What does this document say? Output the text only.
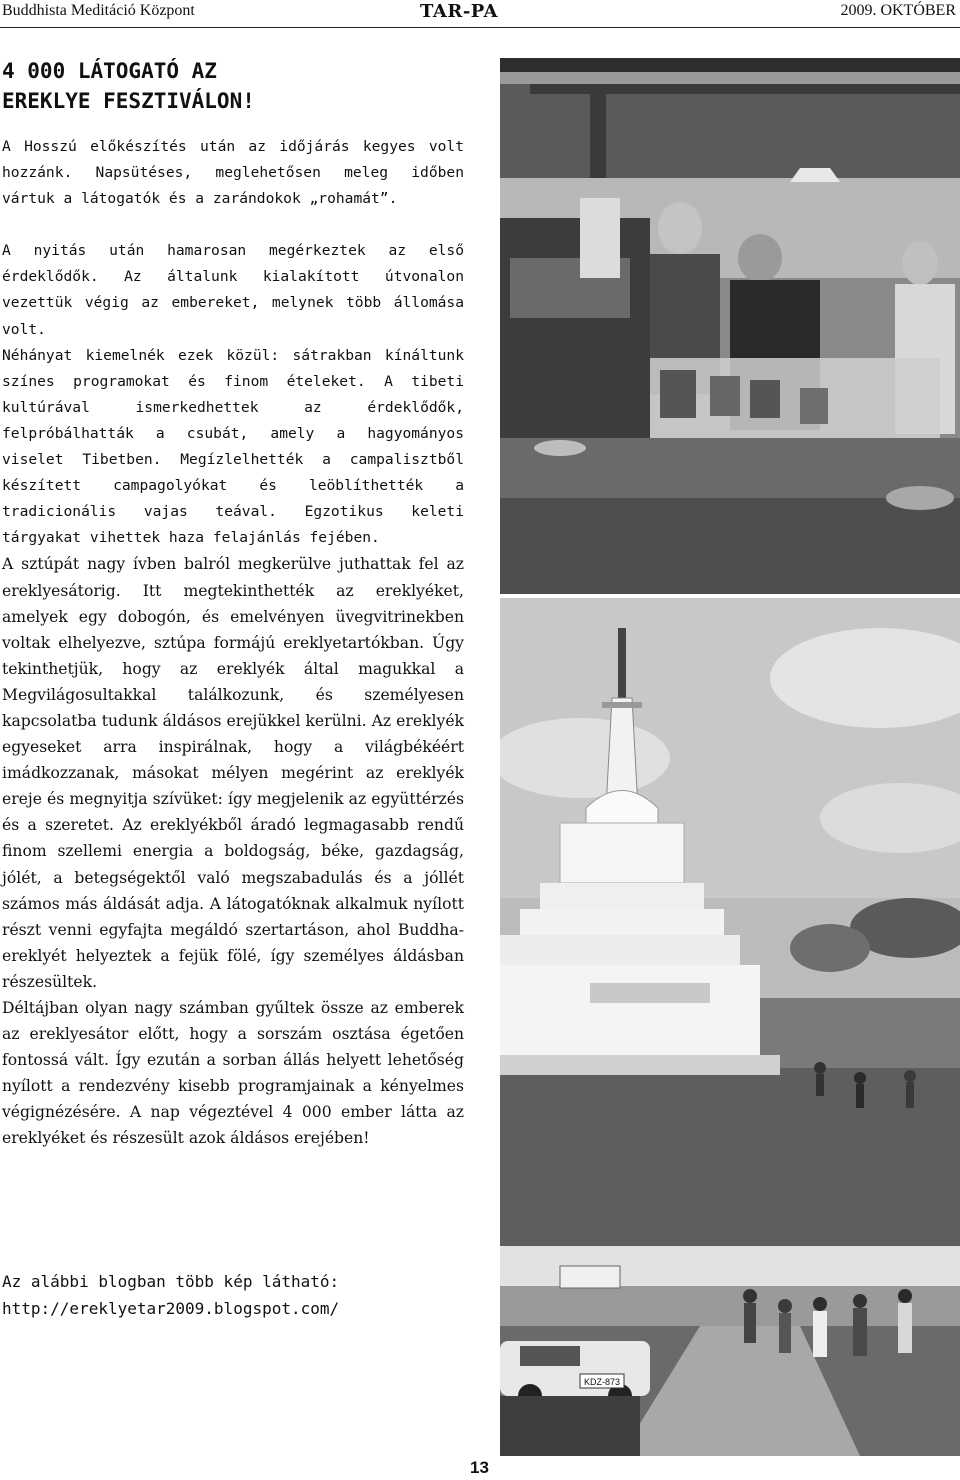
Buddhista Meditáció Központ	TAR-PA	2009. OKTÓBER
4 000 LÁTOGATÓ AZ
EREKLYE FESZTIVÁLON!

A Hosszú előkészítés után az időjárás kegyes volt hozzánk. Napsütéses, meglehetősen meleg időben vártuk a látogatók és a zarándokok „rohamát”.

A nyitás után hamarosan megérkeztek az első érdeklődők. Az általunk kialakított útvonalon vezettük végig az embereket, melynek több állomása volt.

Néhányat kiemelnék ezek közül: sátrakban kínáltunk színes programokat és finom ételeket. A tibeti kultúrával ismerkedhettek az érdeklődők, felpróbálhatták a csubát, amely a hagyományos viselet Tibetben. Megízlelhették a campalisztből készített campagolyókat és leöblíthették a tradicionális vajas teával. Egzotikus keleti tárgyakat vihettek haza felajánlás fejében.

A sztúpát nagy ívben balról megkerülve juthattak fel az ereklyesátorig. Itt megtekinthették az ereklyéket, amelyek egy dobogón, és emelvényen üvegvitrinekben voltak elhelyezve, sztúpa formájú ereklyetartókban. Úgy tekinthetjük, hogy az ereklyék által magukkal a Megvilágosultakkal találkozunk, és személyesen kapcsolatba tudunk áldásos erejükkel kerülni. Az ereklyék egyeseket arra inspirálnak, hogy a világbékéért imádkozzanak, másokat mélyen megérint az ereklyék ereje és megnyitja szívüket: így megjelenik az együttérzés és a szeretet. Az ereklyékből áradó legmagasabb rendű finom szellemi energia a boldogság, béke, gazdagság, jólét, a betegségektől való megszabadulás és a jóllét számos más áldását adja. A látogatóknak alkalmuk nyílott részt venni egyfajta megáldó szertartáson, ahol Buddha-ereklyét helyeztek a fejük fölé, így személyes áldásban részesültek.

Déltájban olyan nagy számban gyűltek össze az emberek az ereklyesátor előtt, hogy a sorszám osztása égetően fontossá vált. Így ezután a sorban állás helyett lehetőség nyílott a rendezvény kisebb programjainak a kényelmes végignézésére. A nap végeztével 4 000 ember látta az ereklyéket és részesült azok áldásos erejében!

Az alábbi blogban több kép látható:
http://ereklyetar2009.blogspot.com/
KDZ-873
13
